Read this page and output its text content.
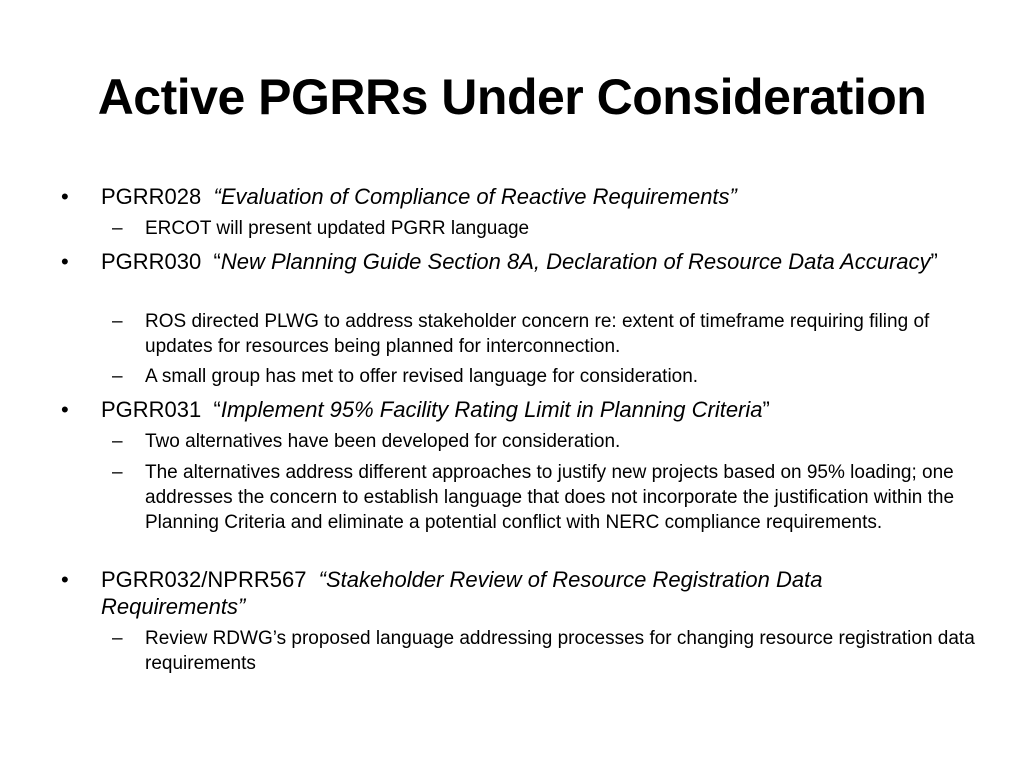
Active PGRRs Under Consideration

• PGRR028 “Evaluation of Compliance of Reactive Requirements”

– ERCOT will present updated PGRR language

• PGRR030 “New Planning Guide Section 8A, Declaration of Resource Data Accuracy”

– ROS directed PLWG to address stakeholder concern re: extent of timeframe requiring filing of updates for resources being planned for interconnection.

– A small group has met to offer revised language for consideration.

• PGRR031 “Implement 95% Facility Rating Limit in Planning Criteria”

– Two alternatives have been developed for consideration.

– The alternatives address different approaches to justify new projects based on 95% loading; one addresses the concern to establish language that does not incorporate the justification within the Planning Criteria and eliminate a potential conflict with NERC compliance requirements.

• PGRR032/NPRR567 “Stakeholder Review of Resource Registration Data Requirements”

– Review RDWG’s proposed language addressing processes for changing resource registration data requirements
